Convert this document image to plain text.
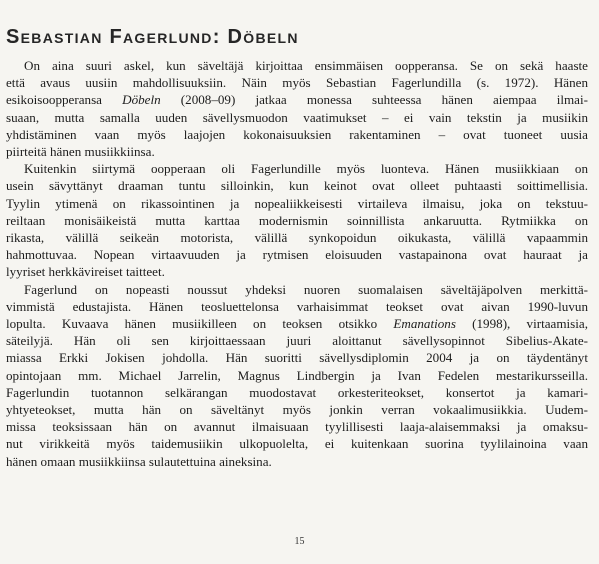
Sebastian Fagerlund: Döbeln

On aina suuri askel, kun säveltäjä kirjoittaa ensimmäisen oopperansa. Se on sekä haaste
että avaus uusiin mahdollisuuksiin. Näin myös Sebastian Fagerlundilla (s. 1972). Hänen
esikoisoopperansa Döbeln (2008–09) jatkaa monessa suhteessa hänen aiempaa ilmai-
suaan, mutta samalla uuden sävellysmuodon vaatimukset – ei vain tekstin ja musiikin
yhdistäminen vaan myös laajojen kokonaisuuksien rakentaminen – ovat tuoneet uusia
piirteitä hänen musiikkiinsa.

Kuitenkin siirtymä oopperaan oli Fagerlundille myös luonteva. Hänen musiikkiaan on
usein sävyttänyt draaman tuntu silloinkin, kun keinot ovat olleet puhtaasti soittimellisia.
Tyylin ytimenä on rikassointinen ja nopealiikkeisesti virtaileva ilmaisu, joka on tekstuu-
reiltaan monisäikeistä mutta karttaa modernismin soinnillista ankaruutta. Rytmiikka on
rikasta, välillä seikeän motorista, välillä synkopoidun oikukasta, välillä vapaammin
hahmottuvaa. Nopean virtaavuuden ja rytmisen eloisuuden vastapainona ovat hauraat ja
lyyriset herkkävireiset taitteet.

Fagerlund on nopeasti noussut yhdeksi nuoren suomalaisen säveltäjäpolven merkittä-
vimmistä edustajista. Hänen teosluettelonsa varhaisimmat teokset ovat aivan 1990-luvun
lopulta. Kuvaava hänen musiikilleen on teoksen otsikko Emanations (1998), virtaamisia,
säteilyjä. Hän oli sen kirjoittaessaan juuri aloittanut sävellysopinnot Sibelius-Akate-
miassa Erkki Jokisen johdolla. Hän suoritti sävellysdiplomin 2004 ja on täydentänyt
opintojaan mm. Michael Jarrelin, Magnus Lindbergin ja Ivan Fedelen mestarikursseilla.
Fagerlundin tuotannon selkärangan muodostavat orkesteriteokset, konsertot ja kamari-
yhtyeteokset, mutta hän on säveltänyt myös jonkin verran vokaalimusiikkia. Uudem-
missa teoksissaan hän on avannut ilmaisuaan tyylillisesti laaja-alaisemmaksi ja omaksu-
nut virikkeitä myös taidemusiikin ulkopuolelta, ei kuitenkaan suorina tyylilainoina vaan
hänen omaan musiikkiinsa sulautettuina aineksina.

15
